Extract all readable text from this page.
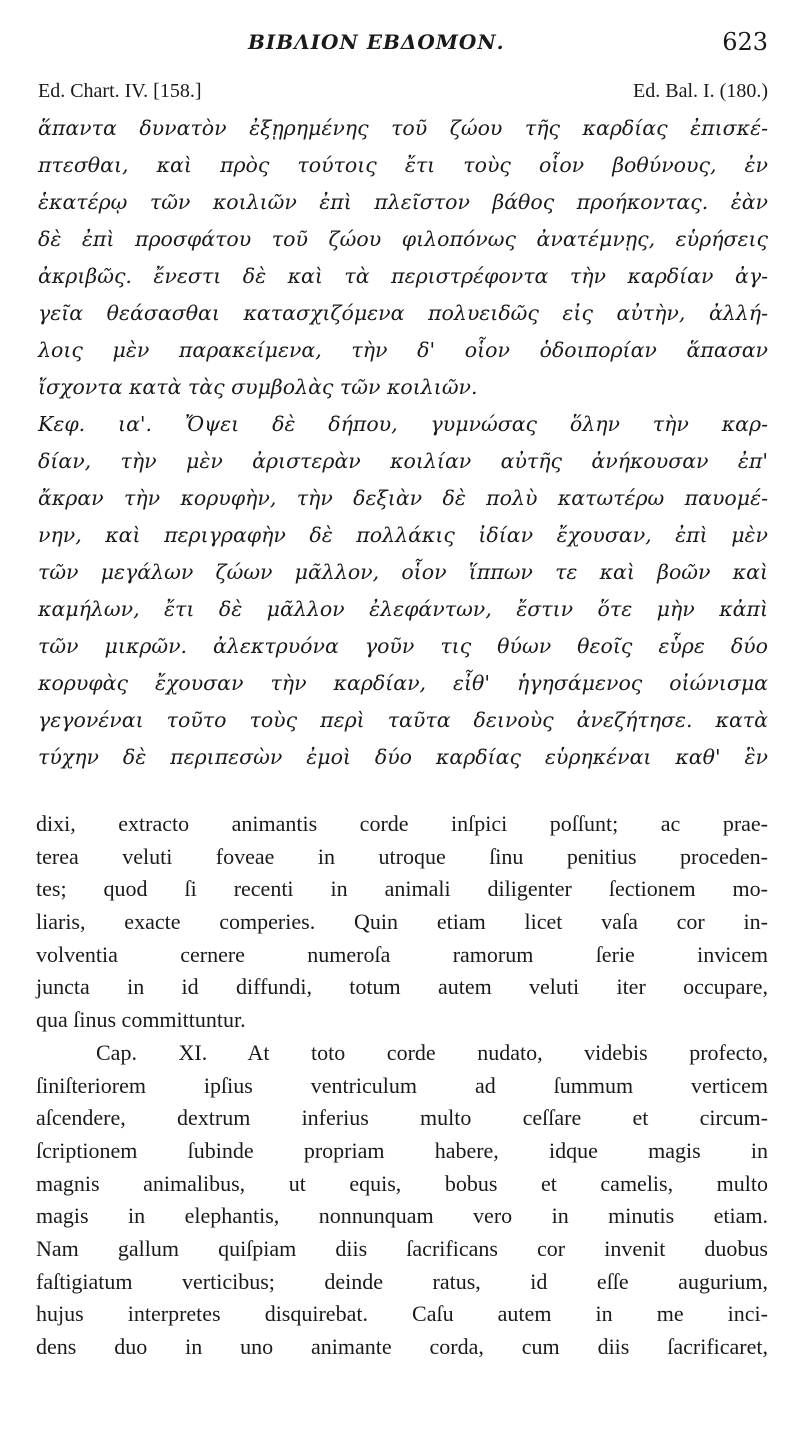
ΒΙΒΛΙΟΝ ΕΒΔΟΜΟΝ.	623
Ed. Chart. IV. [158.]	Ed. Bal. I. (180.)
ἅπαντα δυνατὸν ἐξῃρημένης τοῦ ζώου τῆς καρδίας ἐπισκέ-
πτεσθαι, καὶ πρὸς τούτοις ἔτι τοὺς οἷον βοθύνους, ἐν
ἑκατέρῳ τῶν κοιλιῶν ἐπὶ πλεῖστον βάθος προήκοντας. ἐὰν
δὲ ἐπὶ προσφάτου τοῦ ζώου φιλοπόνως ἀνατέμνῃς, εὑρήσεις
ἀκριβῶς. ἔνεστι δὲ καὶ τὰ περιστρέφοντα τὴν καρδίαν ἀγ-
γεῖα θεάσασθαι κατασχιζόμενα πολυειδῶς εἰς αὐτὴν, ἀλλή-
λοις μὲν παρακείμενα, τὴν δ' οἷον ὁδοιπορίαν ἅπασαν
ἴσχοντα κατὰ τὰς συμβολὰς τῶν κοιλιῶν.
Κεφ. ια'. Ὄψει δὲ δήπου, γυμνώσας ὅλην τὴν καρ-
δίαν, τὴν μὲν ἀριστερὰν κοιλίαν αὐτῆς ἀνήκουσαν ἐπ'
ἄκραν τὴν κορυφὴν, τὴν δεξιὰν δὲ πολὺ κατωτέρω παυομέ-
νην, καὶ περιγραφὴν δὲ πολλάκις ἰδίαν ἔχουσαν, ἐπὶ μὲν
τῶν μεγάλων ζώων μᾶλλον, οἷον ἵππων τε καὶ βοῶν καὶ
καμήλων, ἔτι δὲ μᾶλλον ἐλεφάντων, ἔστιν ὅτε μὴν κἀπὶ
τῶν μικρῶν. ἀλεκτρυόνα γοῦν τις θύων θεοῖς εὗρε δύο
κορυφὰς ἔχουσαν τὴν καρδίαν, εἶθ' ἡγησάμενος οἰώνισμα
γεγονέναι τοῦτο τοὺς περὶ ταῦτα δεινοὺς ἀνεζήτησε. κατὰ
τύχην δὲ περιπεσὼν ἐμοὶ δύο καρδίας εὑρηκέναι καθ' ἓν
dixi, extracto animantis corde inſpici poſſunt; ac prae-
terea veluti foveae in utroque ſinu penitius proceden-
tes; quod ſi recenti in animali diligenter ſectionem mo-
liaris, exacte comperies. Quin etiam licet vaſa cor in-
volventia cernere numeroſa ramorum ſerie invicem
juncta in id diffundi, totum autem veluti iter occupare,
qua ſinus committuntur.
Cap. XI. At toto corde nudato, videbis profecto,
ſiniſteriorem ipſius ventriculum ad ſummum verticem
aſcendere, dextrum inferius multo ceſſare et circum-
ſcriptionem ſubinde propriam habere, idque magis in
magnis animalibus, ut equis, bobus et camelis, multo
magis in elephantis, nonnunquam vero in minutis etiam.
Nam gallum quiſpiam diis ſacrificans cor invenit duobus
faſtigiatum verticibus; deinde ratus, id eſſe augurium,
hujus interpretes disquirebat. Caſu autem in me inci-
dens duo in uno animante corda, cum diis ſacrificaret,
